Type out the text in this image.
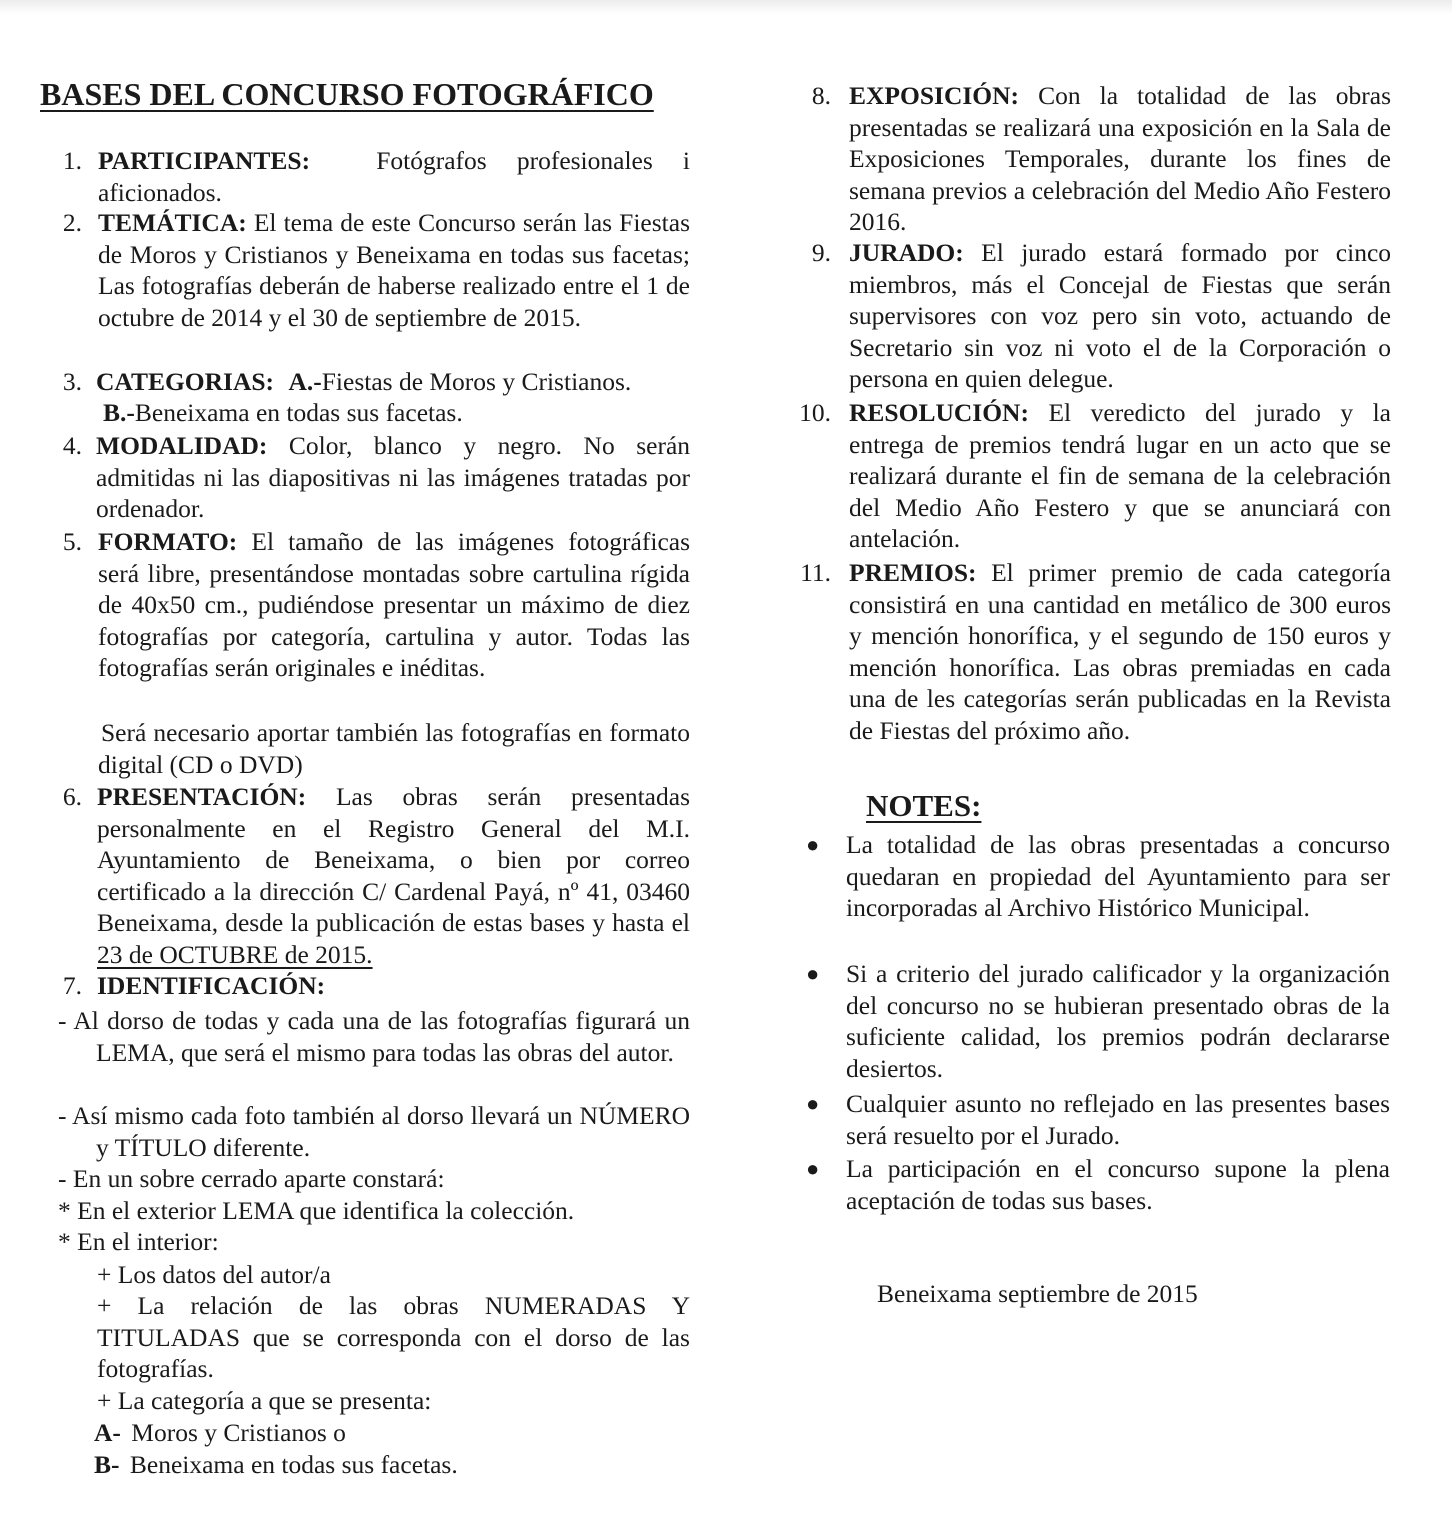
BASES DEL CONCURSO FOTOGRÁFICO
1. PARTICIPANTES:	Fotógrafos profesionales i aficionados.
2. TEMÁTICA: El tema de este Concurso serán las Fiestas de Moros y Cristianos y Beneixama en todas sus facetas; Las fotografías deberán de haberse realizado entre el 1 de octubre de 2014 y el 30 de septiembre de 2015.
3. CATEGORIAS: A.-Fiestas de Moros y Cristianos.
B.-Beneixama en todas sus facetas.
4. MODALIDAD: Color, blanco y negro. No serán admitidas ni las diapositivas ni las imágenes tratadas por ordenador.
5. FORMATO: El tamaño de las imágenes fotográficas será libre, presentándose montadas sobre cartulina rígida de 40x50 cm., pudiéndose presentar un máximo de diez fotografías por categoría, cartulina y autor. Todas las fotografías serán originales e inéditas.
Será necesario aportar también las fotografías en formato digital (CD o DVD)
6. PRESENTACIÓN: Las obras serán presentadas personalmente en el Registro General del M.I. Ayuntamiento de Beneixama, o bien por correo certificado a la dirección C/ Cardenal Payá, nº 41, 03460 Beneixama, desde la publicación de estas bases y hasta el 23 de OCTUBRE de 2015.
7. IDENTIFICACIÓN:
- Al dorso de todas y cada una de las fotografías figurará un LEMA, que será el mismo para todas las obras del autor.
- Así mismo cada foto también al dorso llevará un NÚMERO y TÍTULO diferente.
- En un sobre cerrado aparte constará:
* En el exterior LEMA que identifica la colección.
* En el interior:
+ Los datos del autor/a
+ La relación de las obras NUMERADAS Y TITULADAS que se corresponda con el dorso de las fotografías.
+ La categoría a que se presenta:
A- Moros y Cristianos o
B- Beneixama en todas sus facetas.
8. EXPOSICIÓN: Con la totalidad de las obras presentadas se realizará una exposición en la Sala de Exposiciones Temporales, durante los fines de semana previos a celebración del Medio Año Festero 2016.
9. JURADO: El jurado estará formado por cinco miembros, más el Concejal de Fiestas que serán supervisores con voz pero sin voto, actuando de Secretario sin voz ni voto el de la Corporación o persona en quien delegue.
10. RESOLUCIÓN: El veredicto del jurado y la entrega de premios tendrá lugar en un acto que se realizará durante el fin de semana de la celebración del Medio Año Festero y que se anunciará con antelación.
11. PREMIOS: El primer premio de cada categoría consistirá en una cantidad en metálico de 300 euros y mención honorífica, y el segundo de 150 euros y mención honorífica. Las obras premiadas en cada una de les categorías serán publicadas en la Revista de Fiestas del próximo año.
NOTES:
● La totalidad de las obras presentadas a concurso quedaran en propiedad del Ayuntamiento para ser incorporadas al Archivo Histórico Municipal.
● Si a criterio del jurado calificador y la organización del concurso no se hubieran presentado obras de la suficiente calidad, los premios podrán declararse desiertos.
● Cualquier asunto no reflejado en las presentes bases será resuelto por el Jurado.
● La participación en el concurso supone la plena aceptación de todas sus bases.
Beneixama septiembre de 2015
